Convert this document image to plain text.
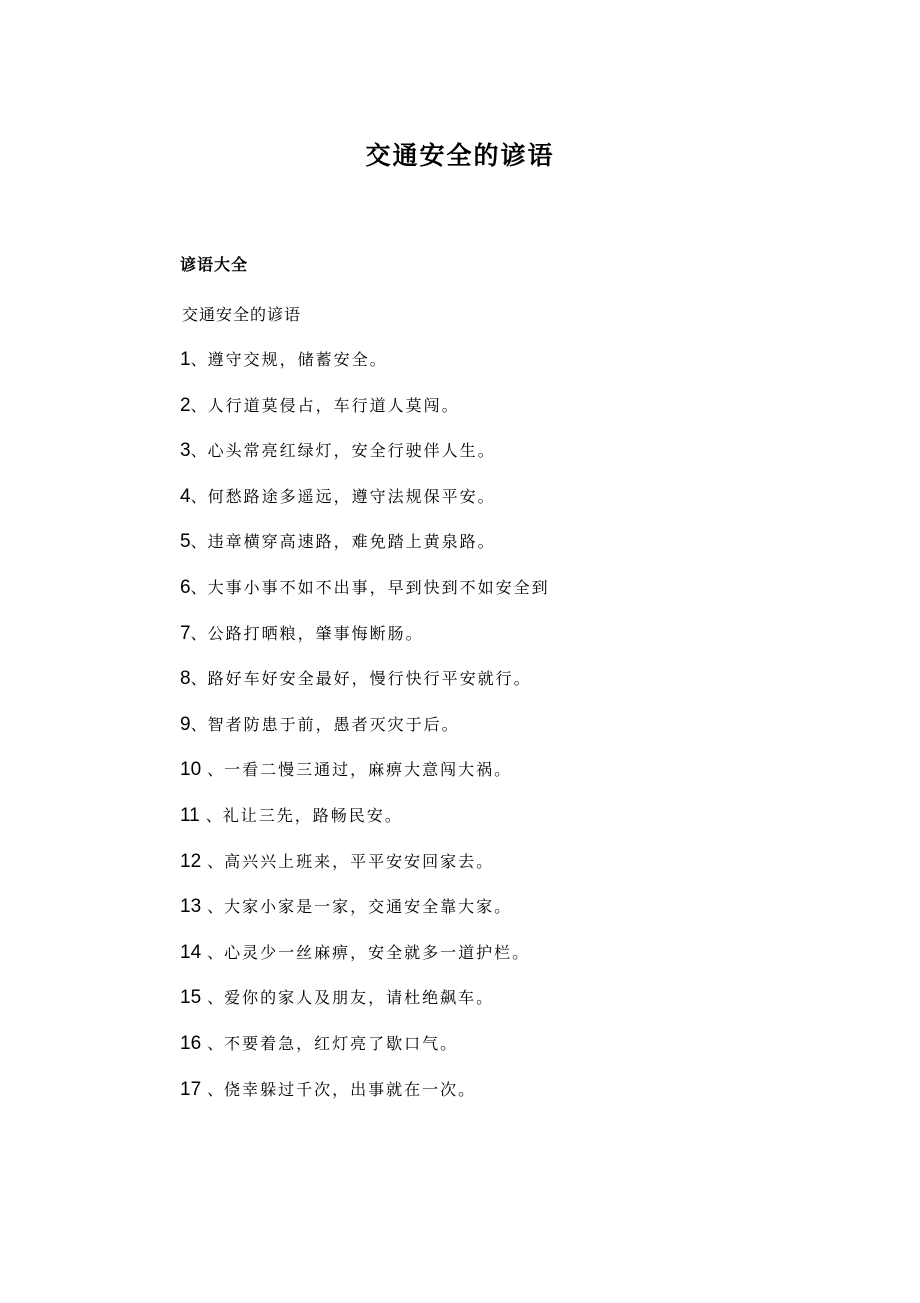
交通安全的谚语
谚语大全
交通安全的谚语
1、遵守交规，储蓄安全。
2、人行道莫侵占，车行道人莫闯。
3、心头常亮红绿灯，安全行驶伴人生。
4、何愁路途多遥远，遵守法规保平安。
5、违章横穿高速路，难免踏上黄泉路。
6、大事小事不如不出事，早到快到不如安全到
7、公路打晒粮，肇事悔断肠。
8、路好车好安全最好，慢行快行平安就行。
9、智者防患于前，愚者灭灾于后。
10 、一看二慢三通过，麻痹大意闯大祸。
11 、礼让三先，路畅民安。
12 、高兴兴上班来，平平安安回家去。
13 、大家小家是一家，交通安全靠大家。
14 、心灵少一丝麻痹，安全就多一道护栏。
15 、爱你的家人及朋友，请杜绝飙车。
16 、不要着急，红灯亮了歇口气。
17 、侥幸躲过千次，出事就在一次。
